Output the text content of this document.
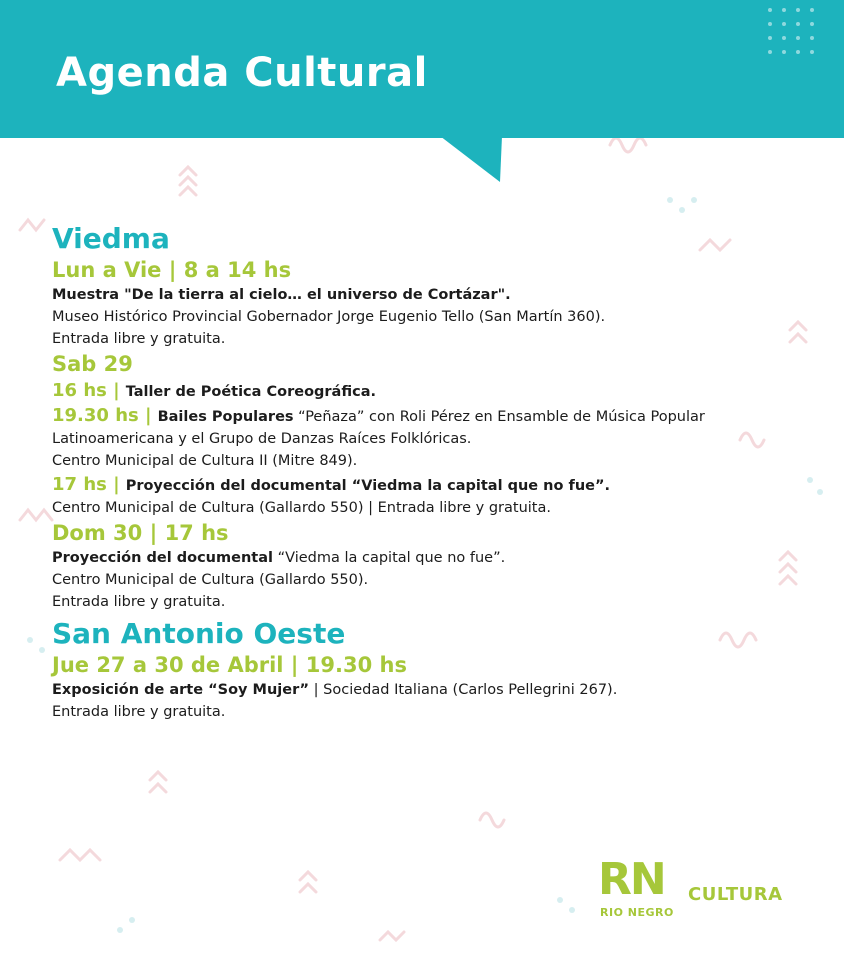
Agenda Cultural
Viedma
Lun a Vie | 8 a 14 hs

Muestra "De la tierra al cielo… el universo de Cortázar".

Museo Histórico Provincial Gobernador Jorge Eugenio Tello (San Martín 360).

Entrada libre y gratuita.

Sab 29

16 hs | Taller de Poética Coreográfica.

19.30 hs | Bailes Populares “Peñaza” con Roli Pérez en Ensamble de Música Popular

Latinoamericana y el Grupo de Danzas Raíces Folklóricas.

Centro Municipal de Cultura II (Mitre 849).

17 hs | Proyección del documental “Viedma la capital que no fue”.

Centro Municipal de Cultura (Gallardo 550) | Entrada libre y gratuita.

Dom 30 | 17 hs

Proyección del documental “Viedma la capital que no fue”.

Centro Municipal de Cultura (Gallardo 550).

Entrada libre y gratuita.

San Antonio Oeste
Jue 27 a 30 de Abril | 19.30 hs

Exposición de arte “Soy Mujer” | Sociedad Italiana (Carlos Pellegrini 267).

Entrada libre y gratuita.

RN
RIO NEGRO
CULTURA
